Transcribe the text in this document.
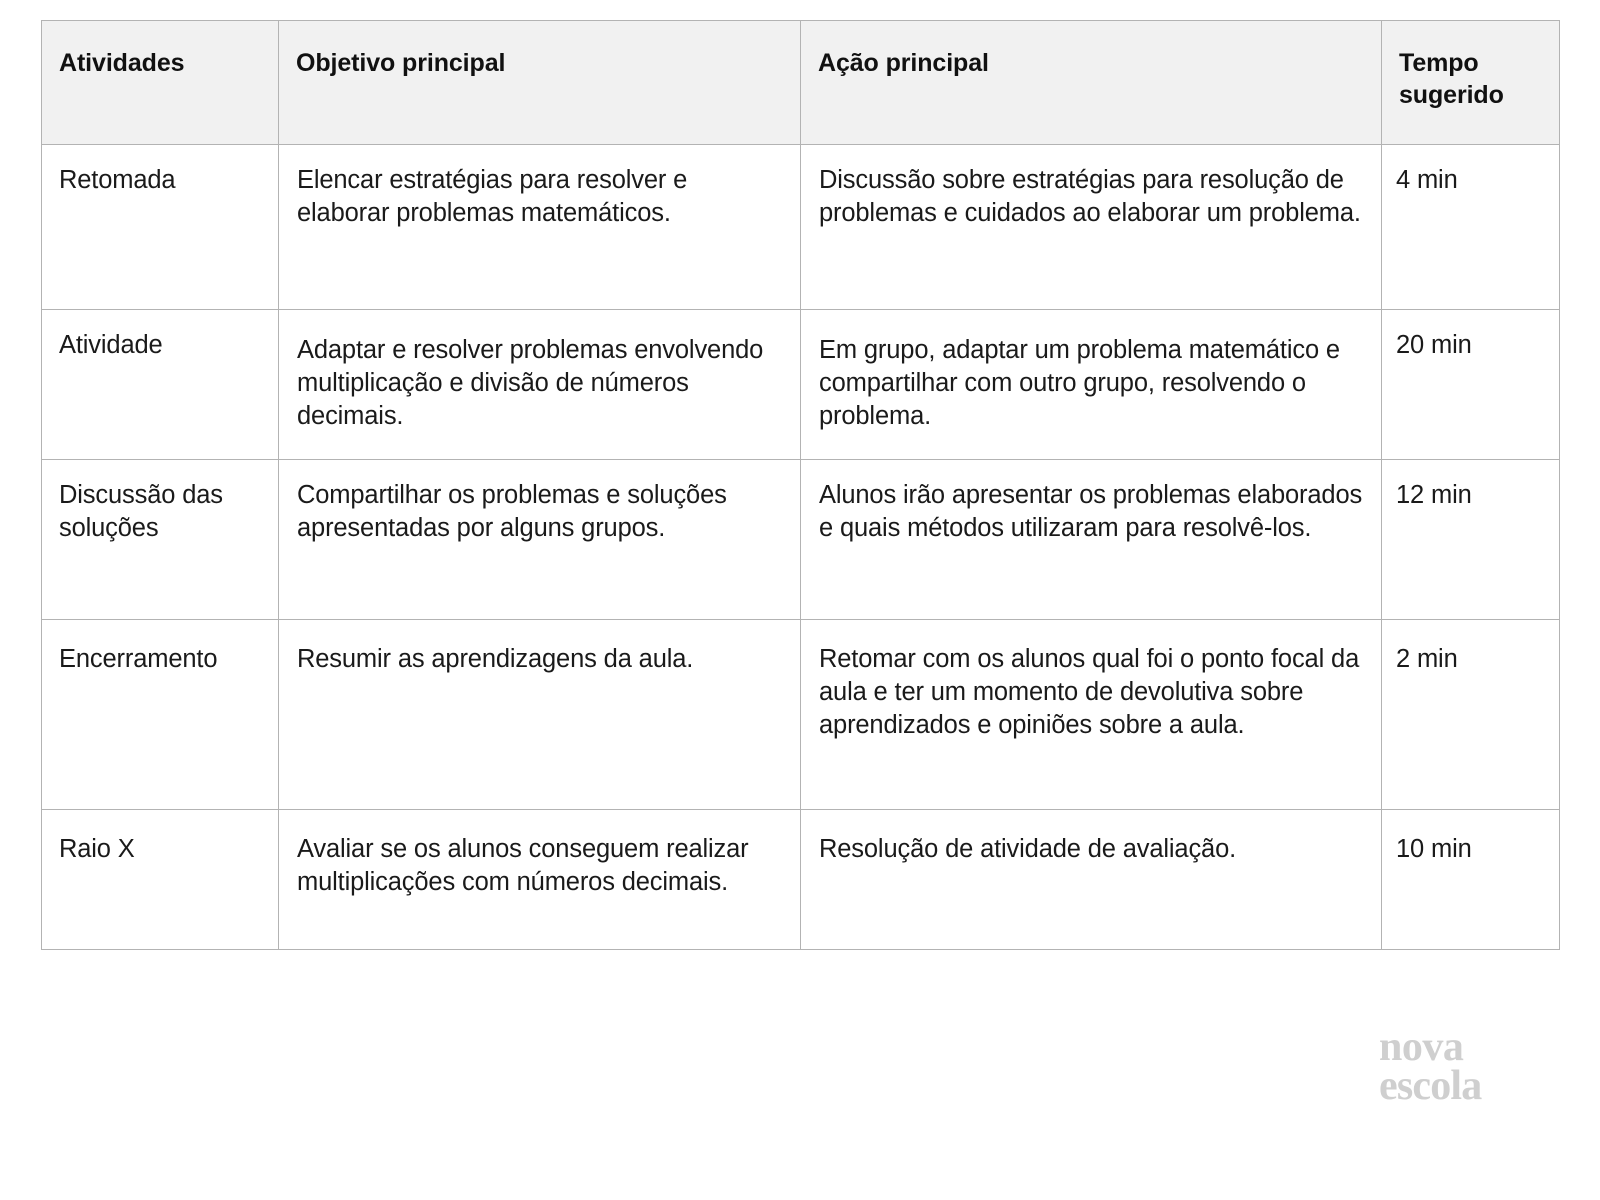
Atividades	Objetivo principal	Ação principal	Tempo sugerido
Retomada	Elencar estratégias para resolver e elaborar problemas matemáticos.	Discussão sobre estratégias para resolução de problemas e cuidados ao elaborar um problema.	4 min
Atividade	Adaptar e resolver problemas envolvendo multiplicação e divisão de números decimais.	Em grupo, adaptar um problema matemático e compartilhar com outro grupo, resolvendo o problema.	20 min
Discussão das soluções	Compartilhar os problemas e soluções apresentadas por alguns grupos.	Alunos irão apresentar os problemas elaborados e quais métodos utilizaram para resolvê-los.	12 min
Encerramento	Resumir as aprendizagens da aula.	Retomar com os alunos qual foi o ponto focal da aula e ter um momento de devolutiva sobre aprendizados e opiniões sobre a aula.	2 min
Raio X	Avaliar se os alunos conseguem realizar multiplicações com números decimais.	Resolução de atividade de avaliação.	10 min
nova
escola
